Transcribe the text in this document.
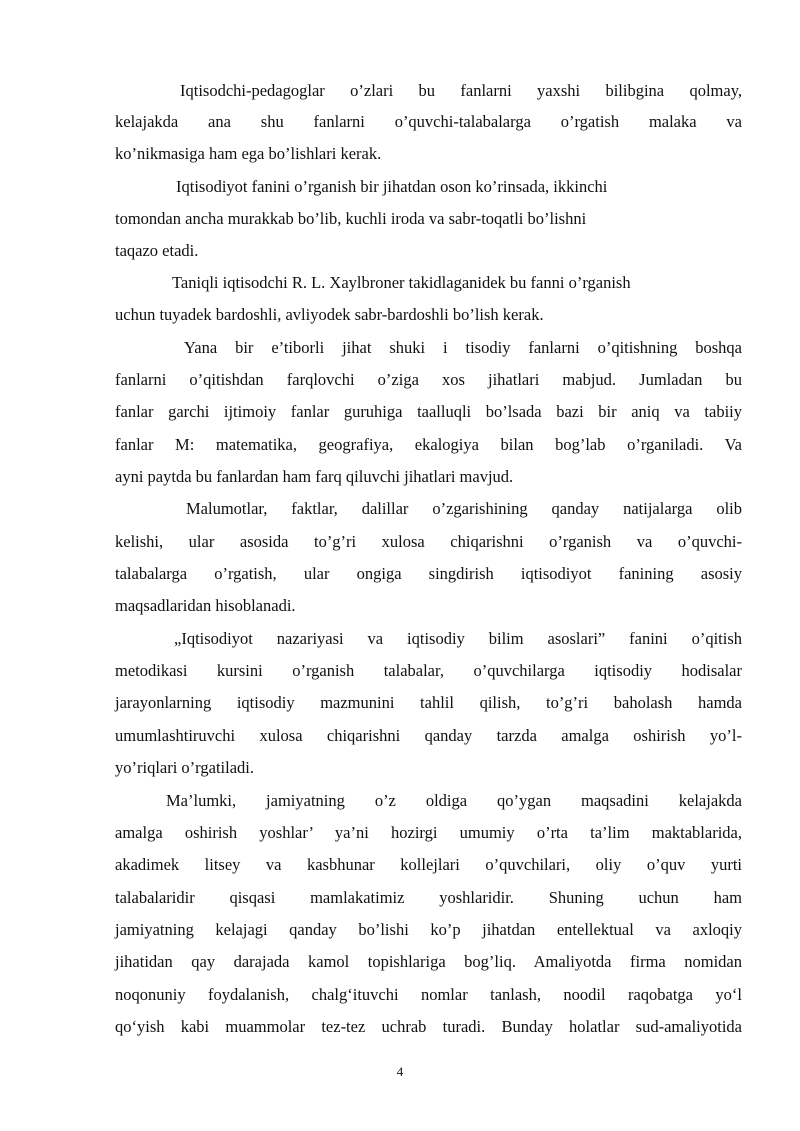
Iqtisodchi-pedagoglar o’zlari bu fanlarni yaxshi bilibgina qolmay,

kelajakda ana shu fanlarni o’quvchi-talabalarga o’rgatish malaka va

ko’nikmasiga ham ega bo’lishlari kerak.

Iqtisodiyot fanini o’rganish bir jihatdan oson ko’rinsada, ikkinchi

tomondan ancha murakkab bo’lib, kuchli iroda va sabr-toqatli bo’lishni

taqazo etadi.

Taniqli iqtisodchi R. L. Xaylbroner takidlaganidek bu fanni o’rganish

uchun tuyadek bardoshli, avliyodek sabr-bardoshli bo’lish kerak.

Yana bir e’tiborli jihat shuki i tisodiy fanlarni o’qitishning boshqa

fanlarni o’qitishdan farqlovchi o’ziga xos jihatlari mabjud. Jumladan bu

fanlar garchi ijtimoiy fanlar guruhiga taalluqli bo’lsada bazi bir aniq va tabiiy

fanlar M: matematika, geografiya, ekalogiya bilan bog’lab o’rganiladi. Va

ayni paytda bu fanlardan ham farq qiluvchi jihatlari mavjud.

Malumotlar, faktlar, dalillar o’zgarishining qanday natijalarga olib

kelishi, ular asosida to’g’ri xulosa chiqarishni o’rganish va o’quvchi-

talabalarga o’rgatish, ular ongiga singdirish iqtisodiyot fanining asosiy

maqsadlaridan hisoblanadi.

„Iqtisodiyot nazariyasi va iqtisodiy bilim asoslari” fanini o’qitish

metodikasi kursini o’rganish talabalar, o’quvchilarga iqtisodiy hodisalar

jarayonlarning iqtisodiy mazmunini tahlil qilish, to’g’ri baholash hamda

umumlashtiruvchi xulosa chiqarishni qanday tarzda amalga oshirish yo’l-

yo’riqlari o’rgatiladi.

Ma’lumki, jamiyatning o’z oldiga qo’ygan maqsadini kelajakda

amalga oshirish yoshlar’ ya’ni hozirgi umumiy o’rta ta’lim maktablarida,

akadimek litsey va kasbhunar kollejlari o’quvchilari, oliy o’quv yurti

talabalaridir qisqasi mamlakatimiz yoshlaridir. Shuning uchun ham

jamiyatning kelajagi qanday bo’lishi ko’p jihatdan entellektual va axloqiy

jihatidan qay darajada kamol topishlariga bog’liq. Amaliyotda firma nomidan

noqonuniy foydalanish, chalg‘ituvchi nomlar tanlash, noodil raqobatga yo‘l

qo‘yish kabi muammolar tez-tez uchrab turadi. Bunday holatlar sud-amaliyotida

4
